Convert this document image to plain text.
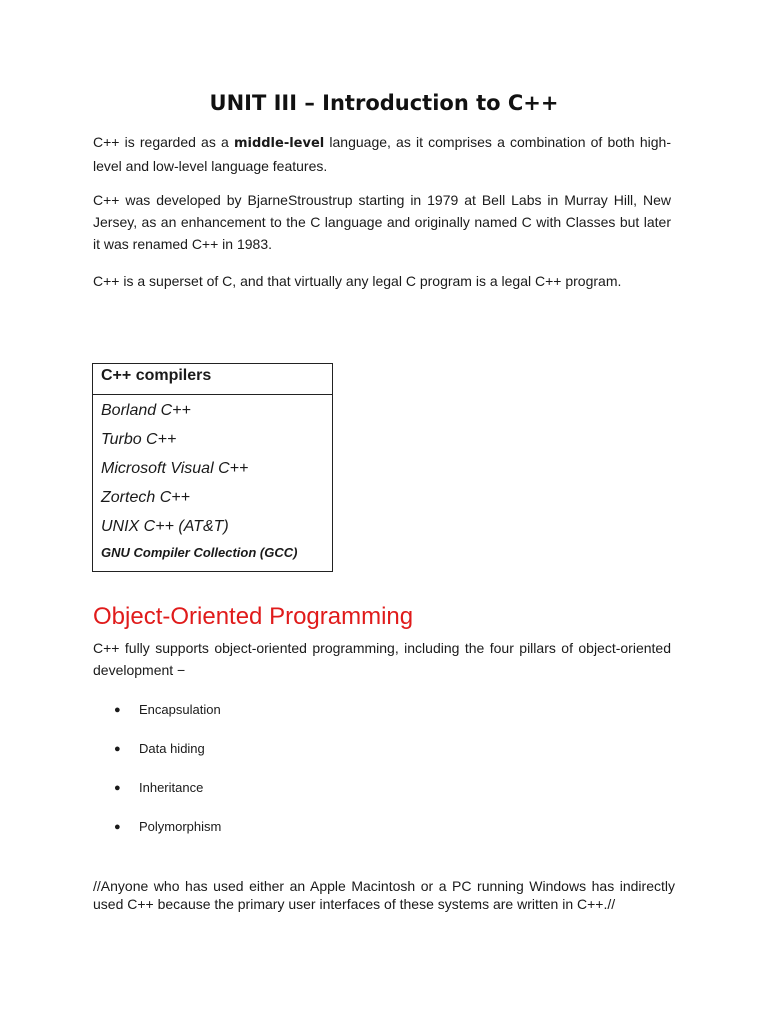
UNIT III – Introduction to C++

C++ is regarded as a middle-level language, as it comprises a combination of both high-level and low-level language features.

C++ was developed by BjarneStroustrup starting in 1979 at Bell Labs in Murray Hill, New Jersey, as an enhancement to the C language and originally named C with Classes but later it was renamed C++ in 1983.

C++ is a superset of C, and that virtually any legal C program is a legal C++ program.

C++ compilers
Borland C++
Turbo C++
Microsoft Visual C++
Zortech C++
UNIX C++ (AT&T)
GNU Compiler Collection (GCC)
Object-Oriented Programming

C++ fully supports object-oriented programming, including the four pillars of object-oriented development −

● Encapsulation
● Data hiding
● Inheritance
● Polymorphism

//Anyone who has used either an Apple Macintosh or a PC running Windows has indirectly used C++ because the primary user interfaces of these systems are written in C++.//
